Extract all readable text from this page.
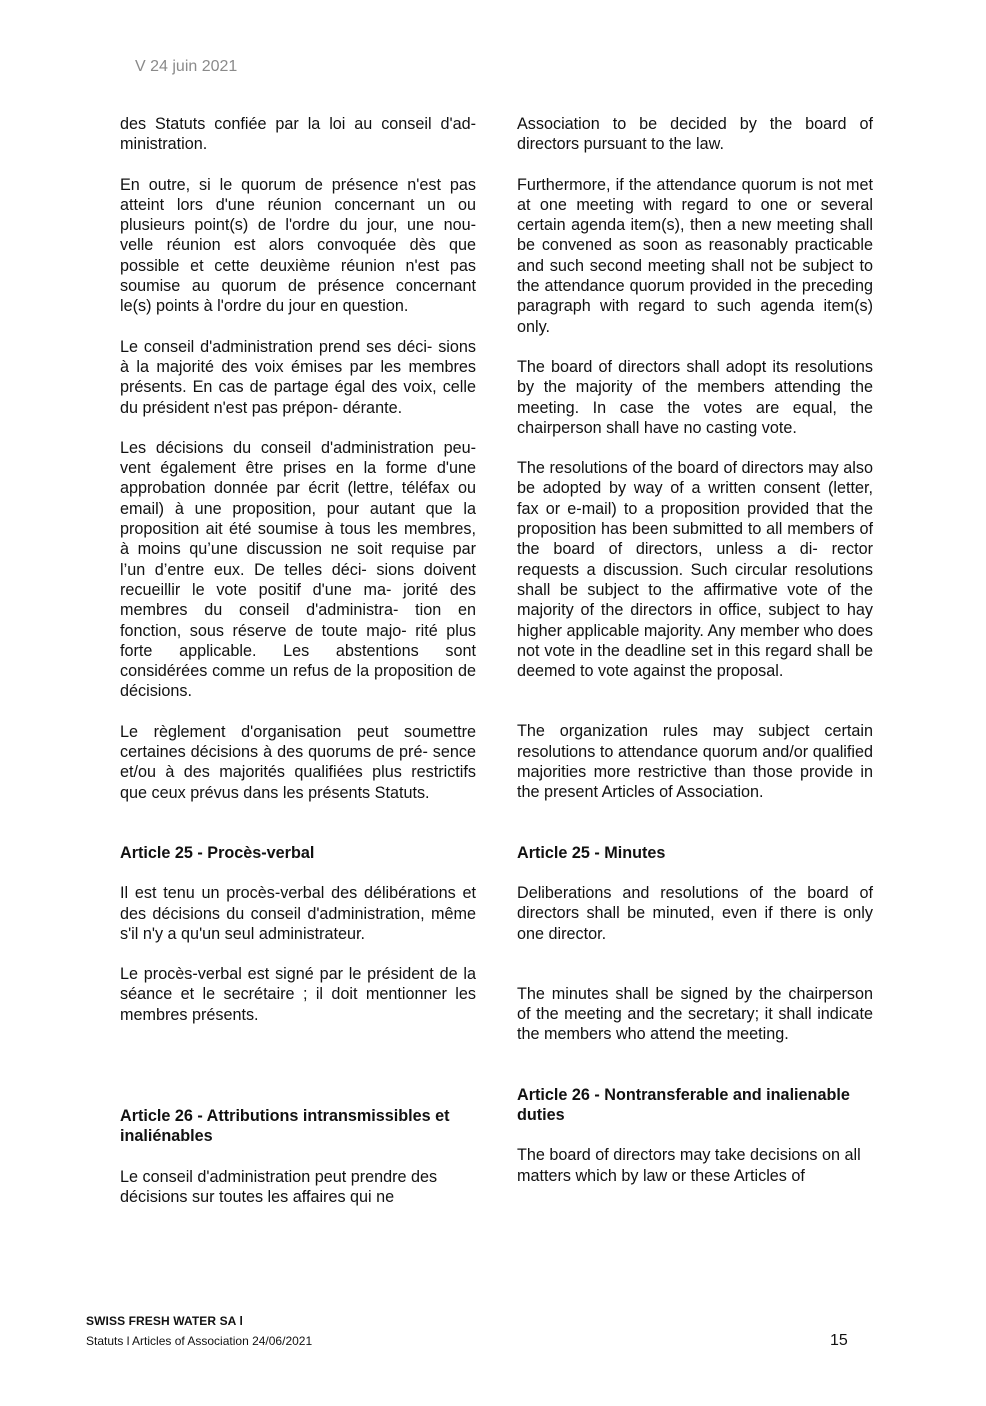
V 24 juin 2021

des Statuts confiée par la loi au conseil d'ad- ministration.

En outre, si le quorum de présence n'est pas atteint lors d'une réunion concernant un ou plusieurs point(s) de l'ordre du jour, une nou- velle réunion est alors convoquée dès que possible et cette deuxième réunion n'est pas soumise au quorum de présence concernant le(s) points à l'ordre du jour en question.

Le conseil d'administration prend ses déci- sions à la majorité des voix émises par les membres présents. En cas de partage égal des voix, celle du président n'est pas prépon- dérante.

Les décisions du conseil d'administration peu- vent également être prises en la forme d'une approbation donnée par écrit (lettre, téléfax ou email) à une proposition, pour autant que la proposition ait été soumise à tous les membres, à moins qu’une discussion ne soit requise par l’un d’entre eux. De telles déci- sions doivent recueillir le vote positif d'une ma- jorité des membres du conseil d'administra- tion en fonction, sous réserve de toute majo- rité plus forte applicable. Les abstentions sont considérées comme un refus de la proposition de décisions.

Le règlement d'organisation peut soumettre certaines décisions à des quorums de pré- sence et/ou à des majorités qualifiées plus restrictifs que ceux prévus dans les présents Statuts.

Article 25 - Procès-verbal

Il est tenu un procès-verbal des délibérations et des décisions du conseil d'administration, même s'il n'y a qu'un seul administrateur.

Le procès-verbal est signé par le président de la séance et le secrétaire ; il doit mentionner les membres présents.

Article 26 - Attributions intransmissibles et inaliénables

Le conseil d'administration peut prendre des décisions sur toutes les affaires qui ne

Association to be decided by the board of directors pursuant to the law.

Furthermore, if the attendance quorum is not met at one meeting with regard to one or several certain agenda item(s), then a new meeting shall be convened as soon as reasonably practicable and such second meeting shall not be subject to the attendance quorum provided in the preceding paragraph with regard to such agenda item(s) only.

The board of directors shall adopt its resolutions by the majority of the members attending the meeting. In case the votes are equal, the chairperson shall have no casting vote.

The resolutions of the board of directors may also be adopted by way of a written consent (letter, fax or e-mail) to a proposition provided that the proposition has been submitted to all members of the board of directors, unless a di- rector requests a discussion. Such circular resolutions shall be subject to the affirmative vote of the majority of the directors in office, subject to hay higher applicable majority. Any member who does not vote in the deadline set in this regard shall be deemed to vote against the proposal.

The organization rules may subject certain resolutions to attendance quorum and/or qualified majorities more restrictive than those provide in the present Articles of Association.

Article 25 - Minutes

Deliberations and resolutions of the board of directors shall be minuted, even if there is only one director.

The minutes shall be signed by the chairperson of the meeting and the secretary; it shall indicate the members who attend the meeting.

Article 26 - Nontransferable and inalienable duties

The board of directors may take decisions on all matters which by law or these Articles of

SWISS FRESH WATER SA l
Statuts l Articles of Association 24/06/2021	15
